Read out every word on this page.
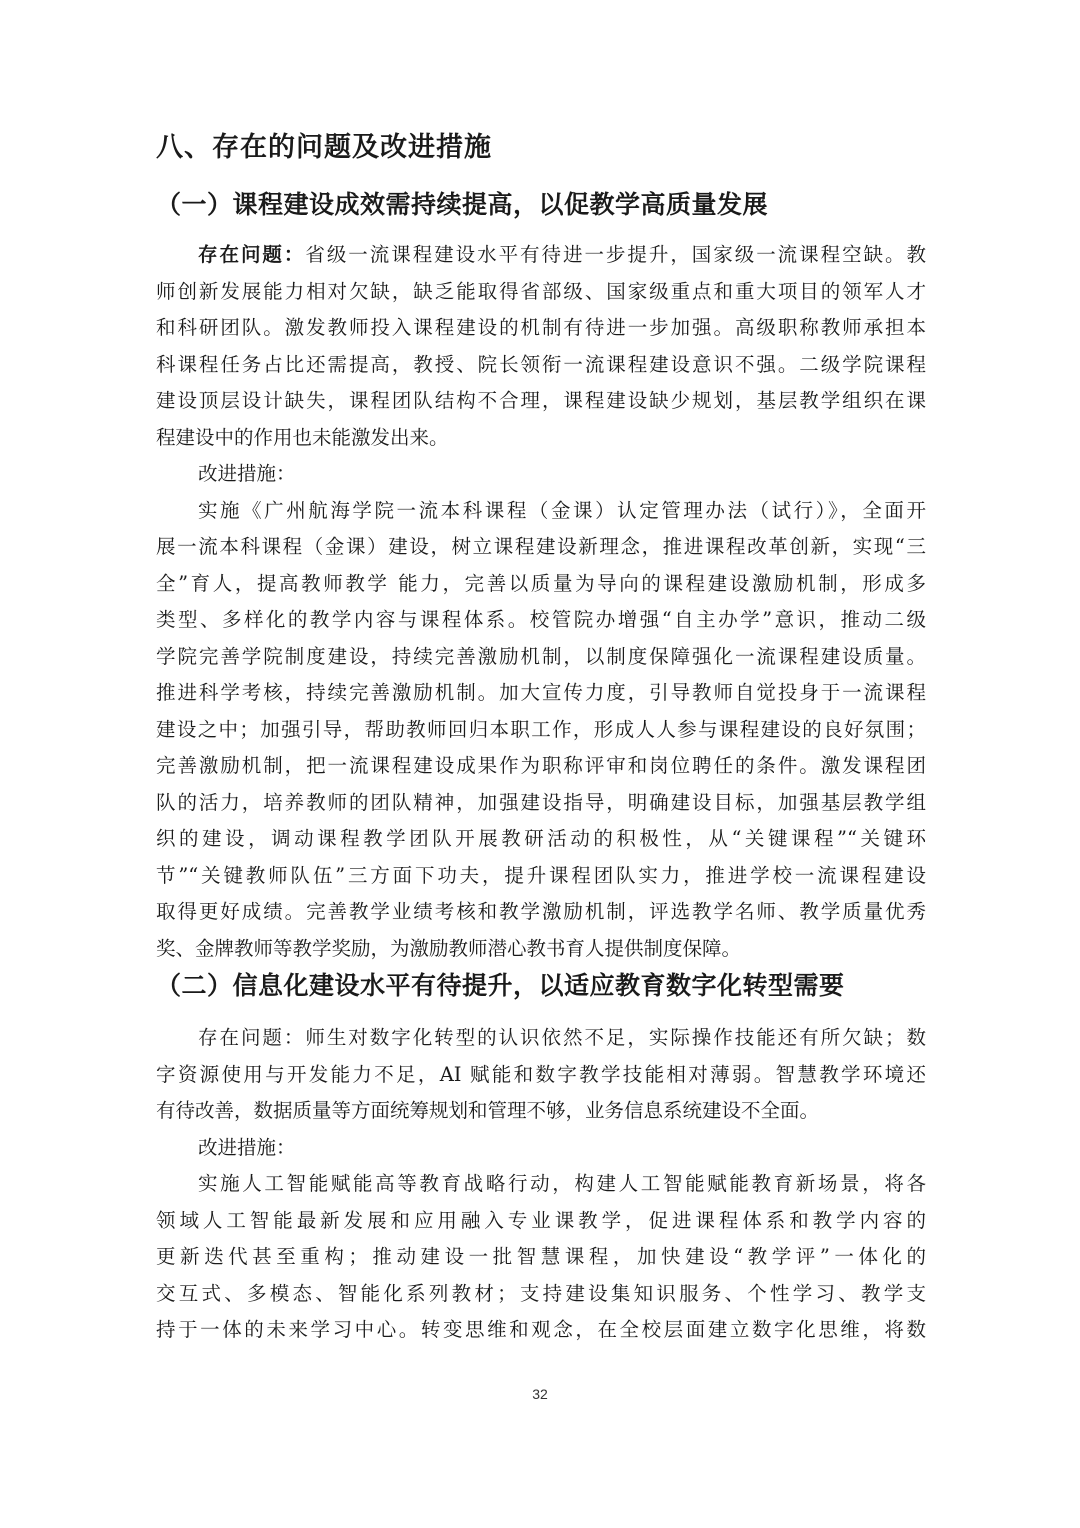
八、存在的问题及改进措施
（一）课程建设成效需持续提高，以促教学高质量发展
存在问题：省级一流课程建设水平有待进一步提升，国家级一流课程空缺。教
师创新发展能力相对欠缺，缺乏能取得省部级、国家级重点和重大项目的领军人才
和科研团队。激发教师投入课程建设的机制有待进一步加强。高级职称教师承担本
科课程任务占比还需提高，教授、院长领衔一流课程建设意识不强。二级学院课程
建设顶层设计缺失，课程团队结构不合理，课程建设缺少规划，基层教学组织在课
程建设中的作用也未能激发出来。
改进措施：
实施《广州航海学院一流本科课程（金课）认定管理办法（试行）》，全面开
展一流本科课程（金课）建设，树立课程建设新理念，推进课程改革创新，实现“三
全”育人，提高教师教学 能力，完善以质量为导向的课程建设激励机制，形成多
类型、多样化的教学内容与课程体系。校管院办增强“自主办学”意识，推动二级
学院完善学院制度建设，持续完善激励机制，以制度保障强化一流课程建设质量。
推进科学考核，持续完善激励机制。加大宣传力度，引导教师自觉投身于一流课程
建设之中；加强引导，帮助教师回归本职工作，形成人人参与课程建设的良好氛围；
完善激励机制，把一流课程建设成果作为职称评审和岗位聘任的条件。激发课程团
队的活力，培养教师的团队精神，加强建设指导，明确建设目标，加强基层教学组
织的建设，调动课程教学团队开展教研活动的积极性，从“关键课程”“关键环
节”“关键教师队伍”三方面下功夫，提升课程团队实力，推进学校一流课程建设
取得更好成绩。完善教学业绩考核和教学激励机制，评选教学名师、教学质量优秀
奖、金牌教师等教学奖励，为激励教师潜心教书育人提供制度保障。
（二）信息化建设水平有待提升，以适应教育数字化转型需要
存在问题：师生对数字化转型的认识依然不足，实际操作技能还有所欠缺；数
字资源使用与开发能力不足，AI 赋能和数字教学技能相对薄弱。智慧教学环境还
有待改善，数据质量等方面统筹规划和管理不够，业务信息系统建设不全面。
改进措施：
实施人工智能赋能高等教育战略行动，构建人工智能赋能教育新场景，将各
领域人工智能最新发展和应用融入专业课教学，促进课程体系和教学内容的
更新迭代甚至重构；推动建设一批智慧课程，加快建设“教学评”一体化的
交互式、多模态、智能化系列教材；支持建设集知识服务、个性学习、教学支
持于一体的未来学习中心。转变思维和观念，在全校层面建立数字化思维，将数
32
